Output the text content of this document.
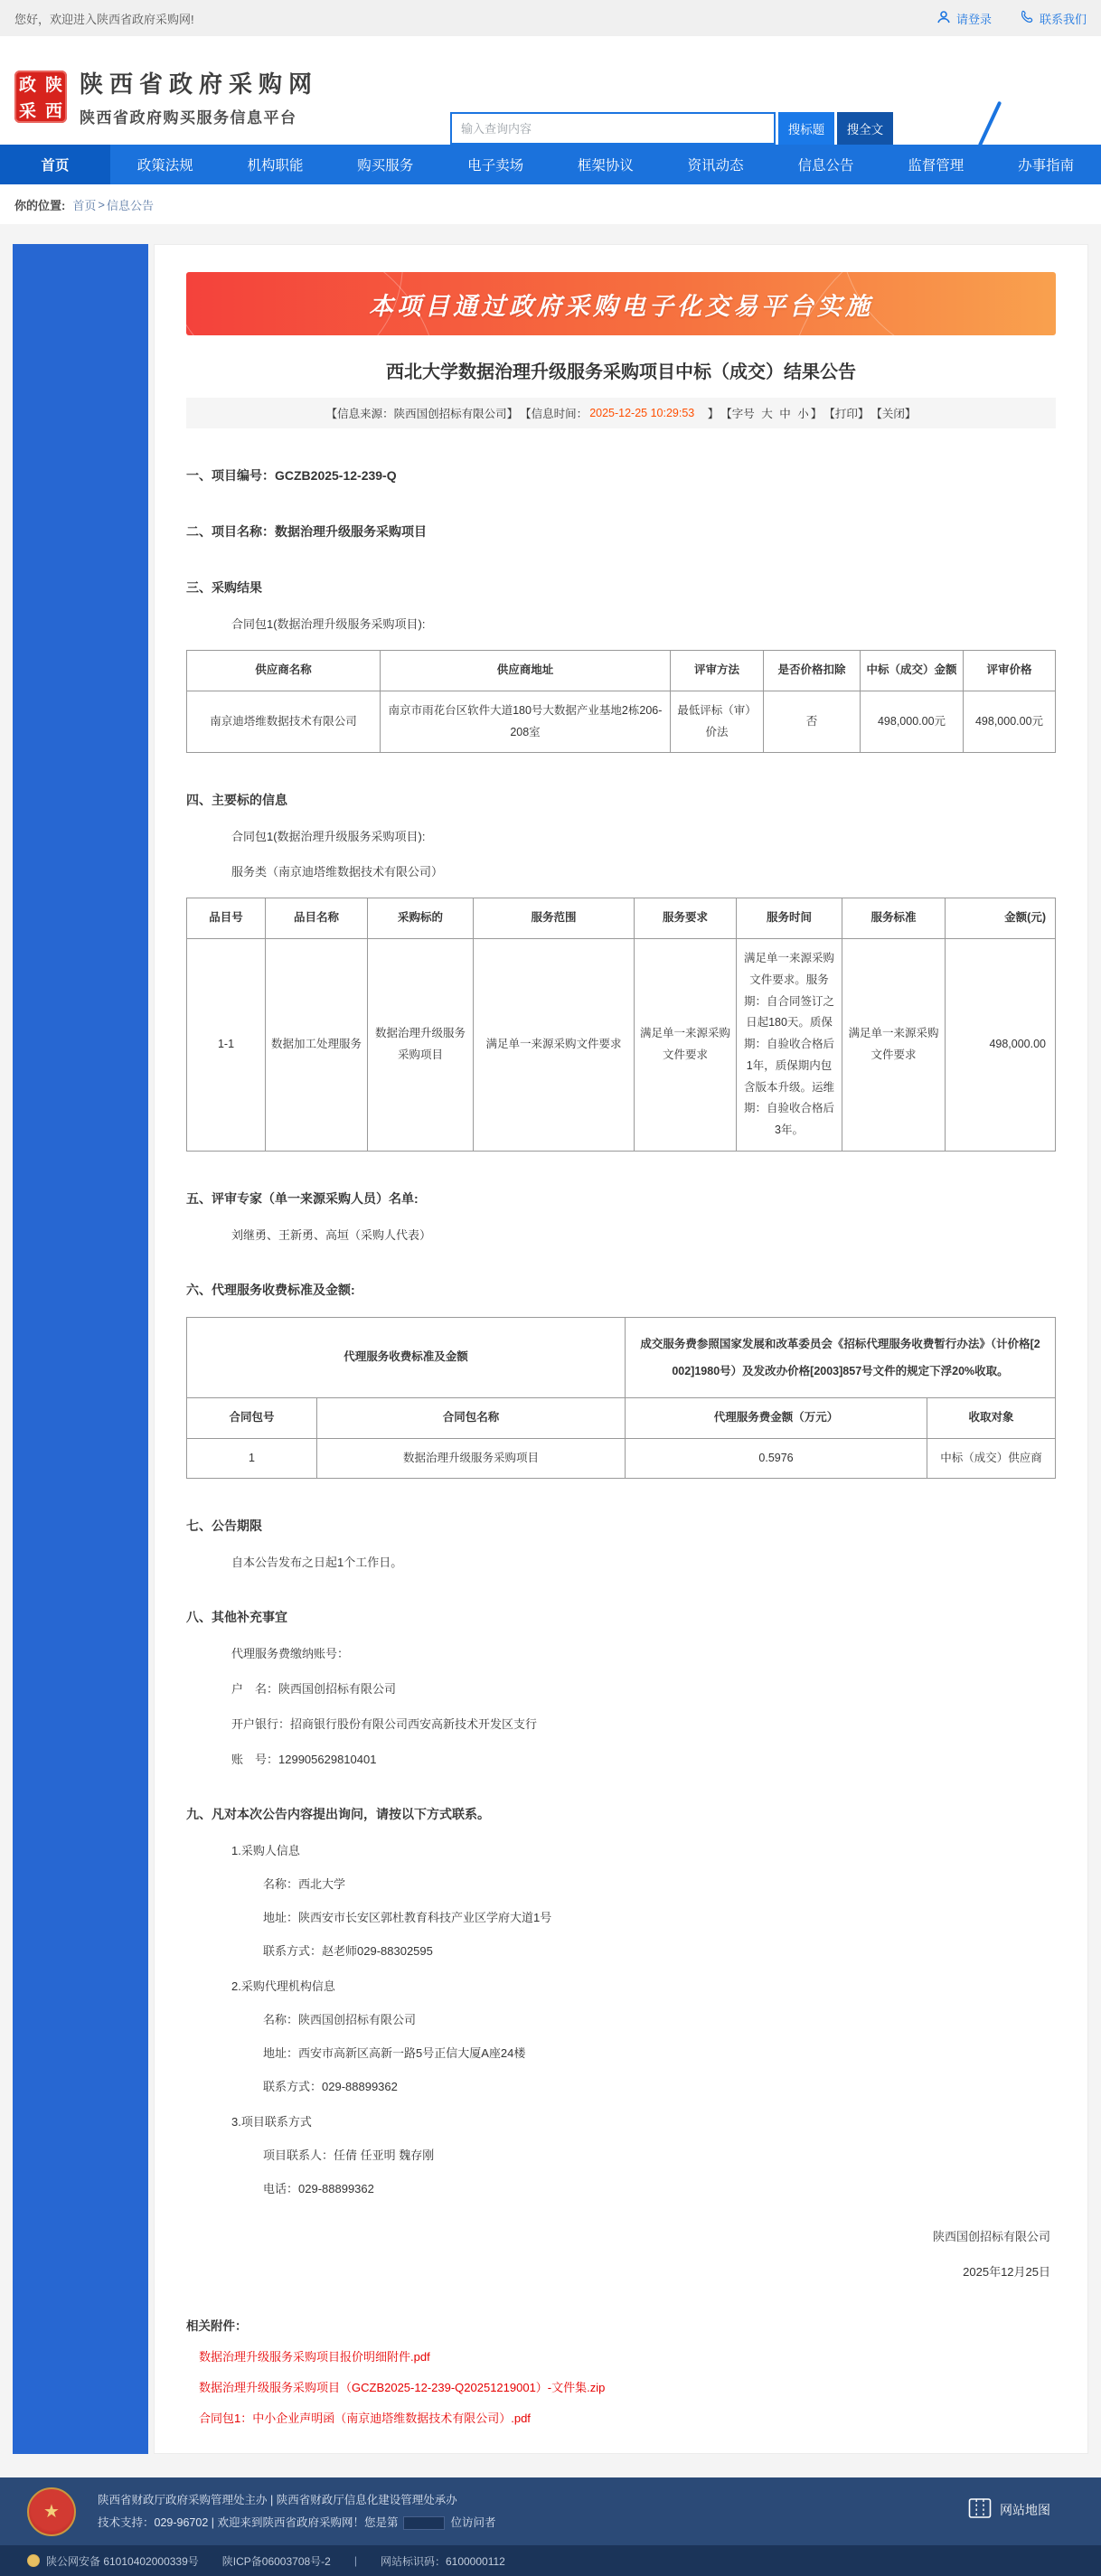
您好，欢迎进入陕西省政府采购网!	请登录	联系我们
政 陕
采 西
陕西省政府采购网
陕西省政府购买服务信息平台
输入查询内容
搜标题	搜全文
首页	政策法规	机构职能	购买服务	电子卖场	框架协议	资讯动态	信息公告	监督管理	办事指南
你的位置: 首页 > 信息公告
本项目通过政府采购电子化交易平台实施
西北大学数据治理升级服务采购项目中标（成交）结果公告
【信息来源：陕西国创招标有限公司】 【信息时间： 2025-12-25 10:29:53 　】 【字号
大
中
小 】 【打印】 【关闭】
一、项目编号：GCZB2025-12-239-Q
二、项目名称：数据治理升级服务采购项目
三、采购结果
合同包1(数据治理升级服务采购项目):
供应商名称	供应商地址	评审方法	是否价格扣除	中标（成交）金额	评审价格
南京迪塔维数据技术有限公司	南京市雨花台区软件大道180号大数据产业基地2栋206-208室	最低评标（审）价法	否	498,000.00元	498,000.00元
四、主要标的信息
合同包1(数据治理升级服务采购项目):
服务类（南京迪塔维数据技术有限公司）
品目号	品目名称	采购标的	服务范围	服务要求	服务时间	服务标准	金额(元)
1-1	数据加工处理服务	数据治理升级服务采购项目	满足单一来源采购文件要求	满足单一来源采购文件要求	满足单一来源采购文件要求。服务期：自合同签订之日起180天。质保期：自验收合格后1年，质保期内包含版本升级。运维期：自验收合格后3年。	满足单一来源采购文件要求	498,000.00
五、评审专家（单一来源采购人员）名单:
刘继勇、王新勇、高垣（采购人代表）
六、代理服务收费标准及金额:
代理服务收费标准及金额		成交服务费参照国家发展和改革委员会《招标代理服务收费暂行办法》（计价格[2002]1980号）及发改办价格[2003]857号文件的规定下浮20%收取。	
合同包号	合同包名称	代理服务费金额（万元）	收取对象
1	数据治理升级服务采购项目	0.5976	中标（成交）供应商
七、公告期限
自本公告发布之日起1个工作日。
八、其他补充事宜
代理服务费缴纳账号：
户　名：陕西国创招标有限公司
开户银行：招商银行股份有限公司西安高新技术开发区支行
账　号：129905629810401
九、凡对本次公告内容提出询问，请按以下方式联系。
1.采购人信息
名称：西北大学
地址：陕西安市长安区郭杜教育科技产业区学府大道1号
联系方式：赵老师029-88302595
2.采购代理机构信息
名称：陕西国创招标有限公司
地址：西安市高新区高新一路5号正信大厦A座24楼
联系方式：029-88899362
3.项目联系方式
项目联系人：任倩 任亚明 魏存刚
电话：029-88899362
陕西国创招标有限公司
2025年12月25日
相关附件：
数据治理升级服务采购项目报价明细附件.pdf
数据治理升级服务采购项目（GCZB2025-12-239-Q20251219001）-文件集.zip
合同包1：中小企业声明函（南京迪塔维数据技术有限公司）.pdf
★
陕西省财政厅政府采购管理处主办 | 陕西省财政厅信息化建设管理处承办
技术支持：029-96702 | 欢迎来到陕西省政府采购网！您是第	位访问者
网站地图
陕公网安备 61010402000339号 陕ICP备06003708号-2 | 网站标识码：6100000112
